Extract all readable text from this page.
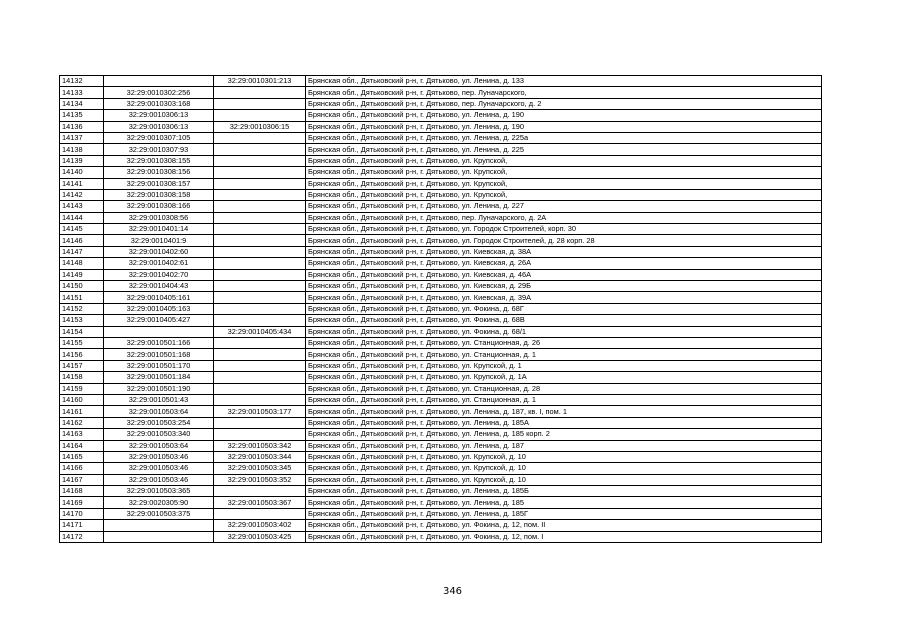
14132		32:29:0010301:213	Брянская обл., Дятьковский р-н, г. Дятьково, ул. Ленина, д. 133
14133	32:29:0010302:256		Брянская обл., Дятьковский р-н, г. Дятьково, пер. Луначарского,
14134	32:29:0010303:168		Брянская обл., Дятьковский р-н, г. Дятьково, пер. Луначарского, д. 2
14135	32:29:0010306:13		Брянская обл., Дятьковский р-н, г. Дятьково, ул. Ленина, д. 190
14136	32:29:0010306:13	32:29:0010306:15	Брянская обл., Дятьковский р-н, г. Дятьково, ул. Ленина, д. 190
14137	32:29:0010307:105		Брянская обл., Дятьковский р-н, г. Дятьково, ул. Ленина, д. 225а
14138	32:29:0010307:93		Брянская обл., Дятьковский р-н, г. Дятьково, ул. Ленина, д. 225
14139	32:29:0010308:155		Брянская обл., Дятьковский р-н, г. Дятьково, ул. Крупской,
14140	32:29:0010308:156		Брянская обл., Дятьковский р-н, г. Дятьково, ул. Крупской,
14141	32:29:0010308:157		Брянская обл., Дятьковский р-н, г. Дятьково, ул. Крупской,
14142	32:29:0010308:158		Брянская обл., Дятьковский р-н, г. Дятьково, ул. Крупской,
14143	32:29:0010308:166		Брянская обл., Дятьковский р-н, г. Дятьково, ул. Ленина, д. 227
14144	32:29:0010308:56		Брянская обл., Дятьковский р-н, г. Дятьково, пер. Луначарского, д. 2А
14145	32:29:0010401:14		Брянская обл., Дятьковский р-н, г. Дятьково, ул. Городок Строителей, корп. 30
14146	32:29:0010401:9		Брянская обл., Дятьковский р-н, г. Дятьково, ул. Городок Строителей, д. 28 корп. 28
14147	32:29:0010402:60		Брянская обл., Дятьковский р-н, г. Дятьково, ул. Киевская, д. 38А
14148	32:29:0010402:61		Брянская обл., Дятьковский р-н, г. Дятьково, ул. Киевская, д. 26А
14149	32:29:0010402:70		Брянская обл., Дятьковский р-н, г. Дятьково, ул. Киевская, д. 46А
14150	32:29:0010404:43		Брянская обл., Дятьковский р-н, г. Дятьково, ул. Киевская, д. 29Б
14151	32:29:0010405:161		Брянская обл., Дятьковский р-н, г. Дятьково, ул. Киевская, д. 39А
14152	32:29:0010405:163		Брянская обл., Дятьковский р-н, г. Дятьково, ул. Фокина, д. 68Г
14153	32:29:0010405:427		Брянская обл., Дятьковский р-н, г. Дятьково, ул. Фокина, д. 68В
14154		32:29:0010405:434	Брянская обл., Дятьковский р-н, г. Дятьково, ул. Фокина, д. 68/1
14155	32:29:0010501:166		Брянская обл., Дятьковский р-н, г. Дятьково, ул. Станционная, д. 26
14156	32:29:0010501:168		Брянская обл., Дятьковский р-н, г. Дятьково, ул. Станционная, д. 1
14157	32:29:0010501:170		Брянская обл., Дятьковский р-н, г. Дятьково, ул. Крупской, д. 1
14158	32:29:0010501:184		Брянская обл., Дятьковский р-н, г. Дятьково, ул. Крупской, д. 1А
14159	32:29:0010501:190		Брянская обл., Дятьковский р-н, г. Дятьково, ул. Станционная, д. 28
14160	32:29:0010501:43		Брянская обл., Дятьковский р-н, г. Дятьково, ул. Станционная, д. 1
14161	32:29:0010503:64	32:29:0010503:177	Брянская обл., Дятьковский р-н, г. Дятьково, ул. Ленина, д. 187, кв. I, пом. 1
14162	32:29:0010503:254		Брянская обл., Дятьковский р-н, г. Дятьково, ул. Ленина, д. 185А
14163	32:29:0010503:340		Брянская обл., Дятьковский р-н, г. Дятьково, ул. Ленина, д. 185 корп. 2
14164	32:29:0010503:64	32:29:0010503:342	Брянская обл., Дятьковский р-н, г. Дятьково, ул. Ленина, д. 187
14165	32:29:0010503:46	32:29:0010503:344	Брянская обл., Дятьковский р-н, г. Дятьково, ул. Крупской, д. 10
14166	32:29:0010503:46	32:29:0010503:345	Брянская обл., Дятьковский р-н, г. Дятьково, ул. Крупской, д. 10
14167	32:29:0010503:46	32:29:0010503:352	Брянская обл., Дятьковский р-н, г. Дятьково, ул. Крупской, д. 10
14168	32:29:0010503:365		Брянская обл., Дятьковский р-н, г. Дятьково, ул. Ленина, д. 185Б
14169	32:29:0020305:90	32:29:0010503:367	Брянская обл., Дятьковский р-н, г. Дятьково, ул. Ленина, д. 185
14170	32:29:0010503:375		Брянская обл., Дятьковский р-н, г. Дятьково, ул. Ленина, д. 185Г
14171		32:29:0010503:402	Брянская обл., Дятьковский р-н, г. Дятьково, ул. Фокина, д. 12, пом. II
14172		32:29:0010503:425	Брянская обл., Дятьковский р-н, г. Дятьково, ул. Фокина, д. 12, пом. I
346
